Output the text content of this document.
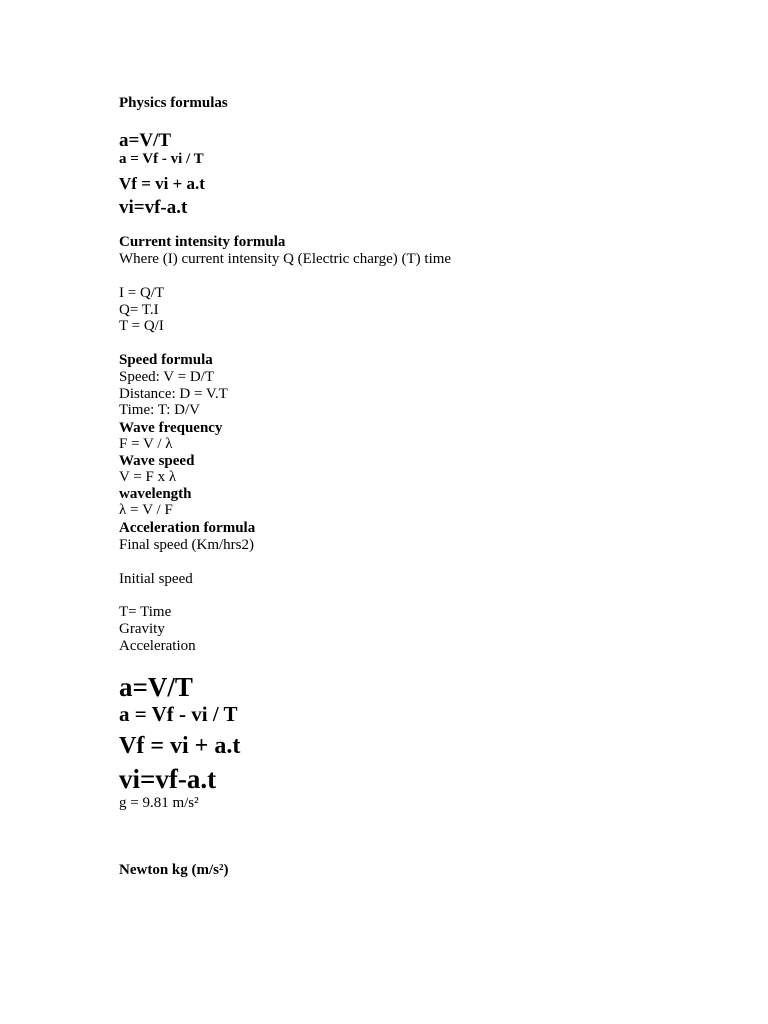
Physics formulas
a=V/T
a = Vf - vi / T
Vf = vi + a.t
vi=vf-a.t
Current intensity formula
Where (I) current intensity Q (Electric charge) (T) time
I = Q/T
Q= T.I
T = Q/I
Speed formula
Speed: V = D/T
Distance: D = V.T
Time: T: D/V
Wave frequency
F = V / λ
Wave speed
V = F x λ
wavelength
λ = V / F
Acceleration formula
Final speed (Km/hrs2)
Initial speed
T= Time
Gravity
Acceleration
a=V/T
a = Vf - vi / T
Vf = vi + a.t
vi=vf-a.t
g = 9.81 m/s²
Newton kg (m/s²)
